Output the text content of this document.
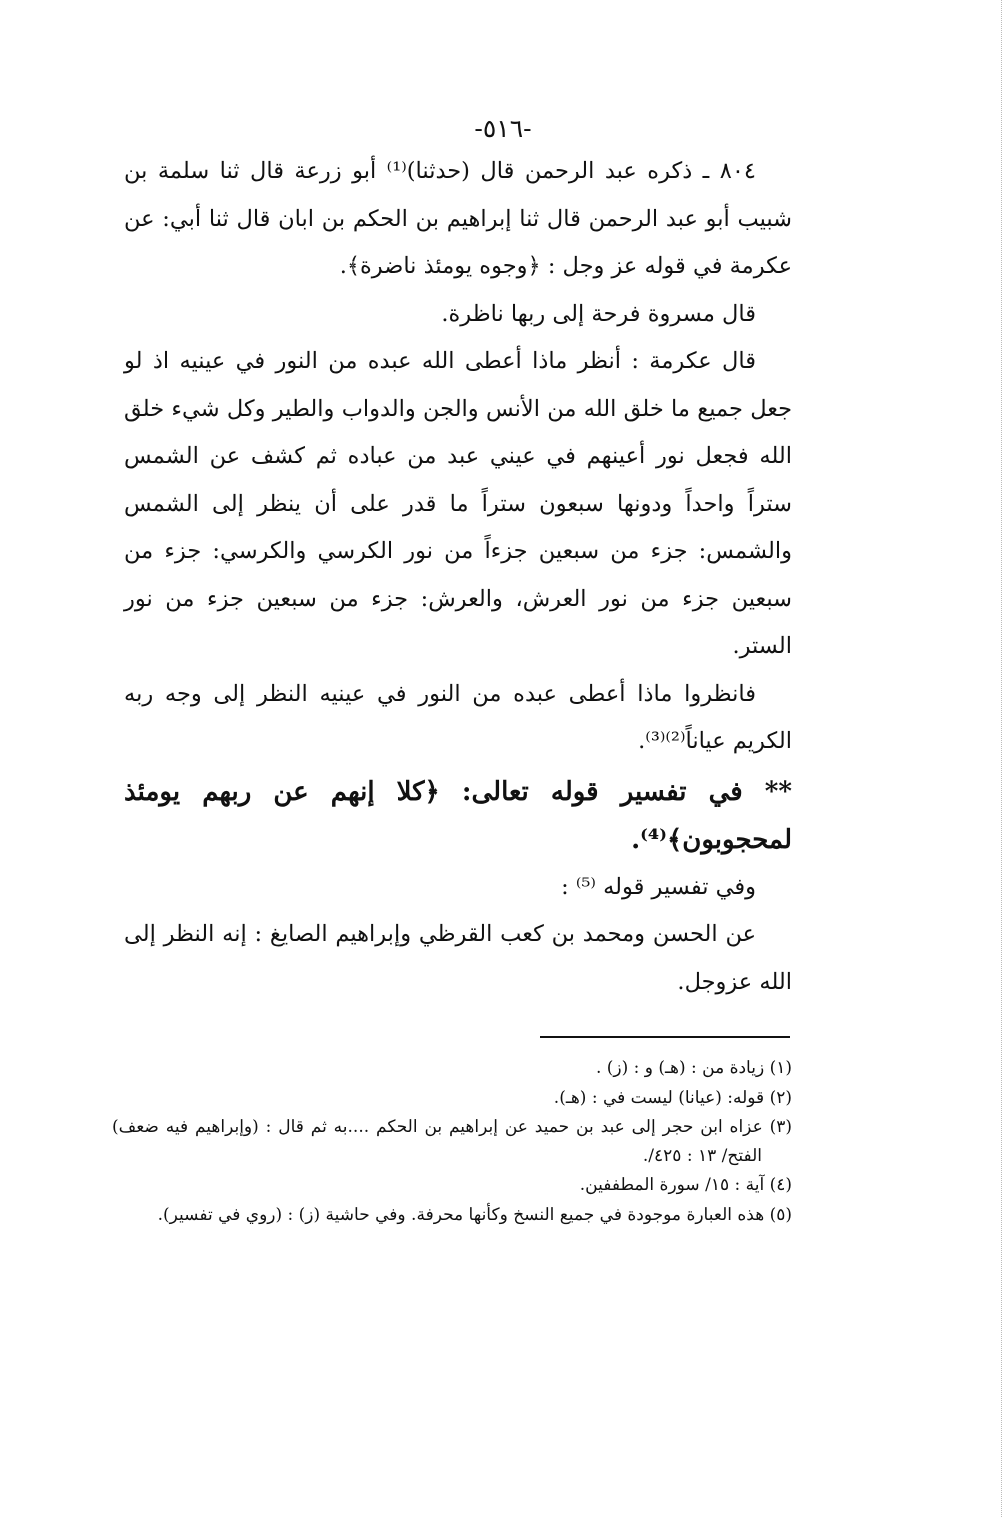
-٥١٦-

٨٠٤ ـ ذكره عبد الرحمن قال (حدثنا)⁽¹⁾ أبو زرعة قال ثنا سلمة بن شبيب أبو عبد الرحمن قال ثنا إبراهيم بن الحكم بن ابان قال ثنا أبي: عن عكرمة في قوله عز وجل : ﴿وجوه يومئذ ناضرة﴾.

قال مسروة فرحة إلى ربها ناظرة.

قال عكرمة : أنظر ماذا أعطى الله عبده من النور في عينيه اذ لو جعل جميع ما خلق الله من الأنس والجن والدواب والطير وكل شيء خلق الله فجعل نور أعينهم في عيني عبد من عباده ثم كشف عن الشمس ستراً واحداً ودونها سبعون ستراً ما قدر على أن ينظر إلى الشمس والشمس: جزء من سبعين جزءاً من نور الكرسي والكرسي: جزء من سبعين جزء من نور العرش، والعرش: جزء من سبعين جزء من نور الستر.

فانظروا ماذا أعطى عبده من النور في عينيه النظر إلى وجه ربه الكريم عياناً⁽²⁾⁽³⁾.

** في تفسير قوله تعالى: ﴿كلا إنهم عن ربهم يومئذ لمحجوبون﴾⁽⁴⁾.

وفي تفسير قوله ⁽⁵⁾ :

عن الحسن ومحمد بن كعب القرظي وإبراهيم الصايغ : إنه النظر إلى الله عزوجل.

(١) زيادة من : (هـ) و : (ز) .

(٢) قوله: (عيانا) ليست في : (هـ).

(٣) عزاه ابن حجر إلى عبد بن حميد عن إبراهيم بن الحكم ....به ثم قال : (وإبراهيم فيه ضعف) الفتح/ ١٣ : ٤٢٥/.

(٤) آية : ١٥/ سورة المطففين.

(٥) هذه العبارة موجودة في جميع النسخ وكأنها محرفة. وفي حاشية (ز) : (روي في تفسير).
